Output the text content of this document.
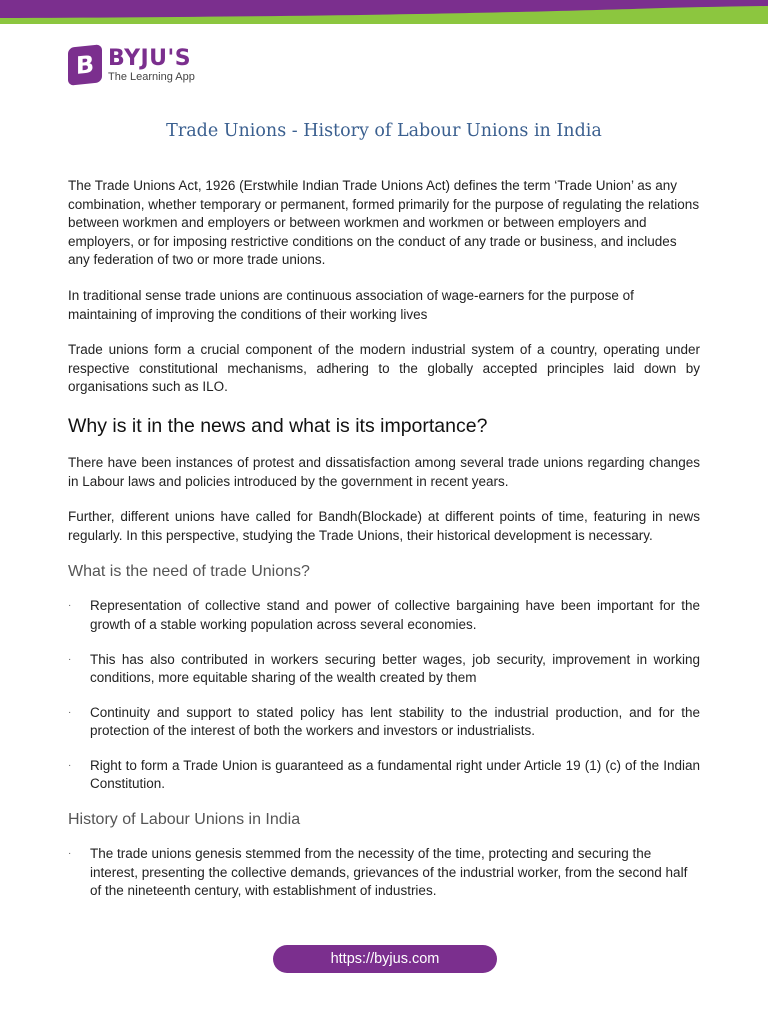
B BYJU'S
The Learning App
Trade Unions - History of Labour Unions in India

The Trade Unions Act, 1926 (Erstwhile Indian Trade Unions Act) defines the term ‘Trade Union’ as any combination, whether temporary or permanent, formed primarily for the purpose of regulating the relations between workmen and employers or between workmen and workmen or between employers and employers, or for imposing restrictive conditions on the conduct of any trade or business, and includes any federation of two or more trade unions.

In traditional sense trade unions are continuous association of wage-earners for the purpose of maintaining of improving the conditions of their working lives

Trade unions form a crucial component of the modern industrial system of a country, operating under respective constitutional mechanisms, adhering to the globally accepted principles laid down by organisations such as ILO.

Why is it in the news and what is its importance?

There have been instances of protest and dissatisfaction among several trade unions regarding changes in Labour laws and policies introduced by the government in recent years.

Further, different unions have called for Bandh(Blockade) at different points of time, featuring in news regularly. In this perspective, studying the Trade Unions, their historical development is necessary.

What is the need of trade Unions?
· Representation of collective stand and power of collective bargaining have been important for the growth of a stable working population across several economies.
· This has also contributed in workers securing better wages, job security, improvement in working conditions, more equitable sharing of the wealth created by them
· Continuity and support to stated policy has lent stability to the industrial production, and for the protection of the interest of both the workers and investors or industrialists.
· Right to form a Trade Union is guaranteed as a fundamental right under Article 19 (1) (c) of the Indian Constitution.
History of Labour Unions in India
· The trade unions genesis stemmed from the necessity of the time, protecting and securing the interest, presenting the collective demands, grievances of the industrial worker, from the second half of the nineteenth century, with establishment of industries.
https://byjus.com
